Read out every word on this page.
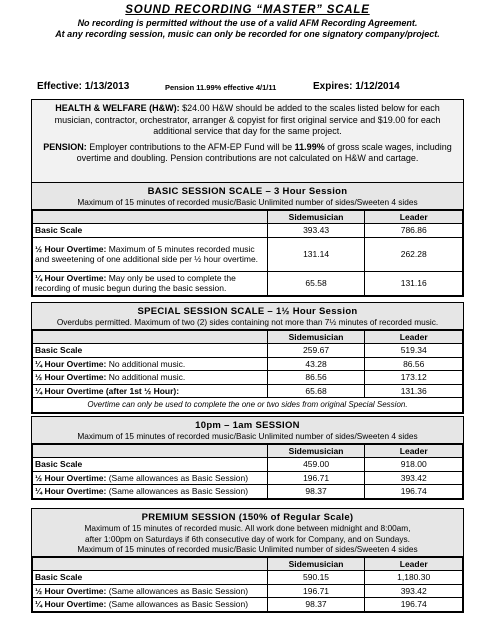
SOUND RECORDING “MASTER” SCALE
No recording is permitted without the use of a valid AFM Recording Agreement.
At any recording session, music can only be recorded for one signatory company/project.
Effective: 1/13/2013	Pension 11.99% effective 4/1/11	Expires: 1/12/2014

HEALTH & WELFARE (H&W): $24.00 H&W should be added to the scales listed below for each musician, contractor, orchestrator, arranger & copyist for first original service and $19.00 for each additional service that day for the same project.

PENSION: Employer contributions to the AFM-EP Fund will be 11.99% of gross scale wages, including overtime and doubling. Pension contributions are not calculated on H&W and cartage.

BASIC SESSION SCALE – 3 Hour Session
Maximum of 15 minutes of recorded music/Basic Unlimited number of sides/Sweeten 4 sides
	Sidemusician	Leader
Basic Scale	393.43	786.86
½ Hour Overtime: Maximum of 5 minutes recorded music and sweetening of one additional side per ½ hour overtime.	131.14	262.28
¼ Hour Overtime: May only be used to complete the recording of music begun during the basic session.	65.58	131.16
SPECIAL SESSION SCALE – 1½ Hour Session
Overdubs permitted. Maximum of two (2) sides containing not more than 7½ minutes of recorded music.
	Sidemusician	Leader
Basic Scale	259.67	519.34
¼ Hour Overtime: No additional music.	43.28	86.56
½ Hour Overtime: No additional music.	86.56	173.12
¼ Hour Overtime (after 1st ½ Hour):	65.68	131.36
Overtime can only be used to complete the one or two sides from original Special Session.		
10pm – 1am SESSION
Maximum of 15 minutes of recorded music/Basic Unlimited number of sides/Sweeten 4 sides
	Sidemusician	Leader
Basic Scale	459.00	918.00
½ Hour Overtime: (Same allowances as Basic Session)	196.71	393.42
¼ Hour Overtime: (Same allowances as Basic Session)	98.37	196.74
PREMIUM SESSION (150% of Regular Scale)
Maximum of 15 minutes of recorded music. All work done between midnight and 8:00am,
after 1:00pm on Saturdays if 6th consecutive day of work for Company, and on Sundays.
Maximum of 15 minutes of recorded music/Basic Unlimited number of sides/Sweeten 4 sides
	Sidemusician	Leader
Basic Scale	590.15	1,180.30
½ Hour Overtime: (Same allowances as Basic Session)	196.71	393.42
¼ Hour Overtime: (Same allowances as Basic Session)	98.37	196.74
